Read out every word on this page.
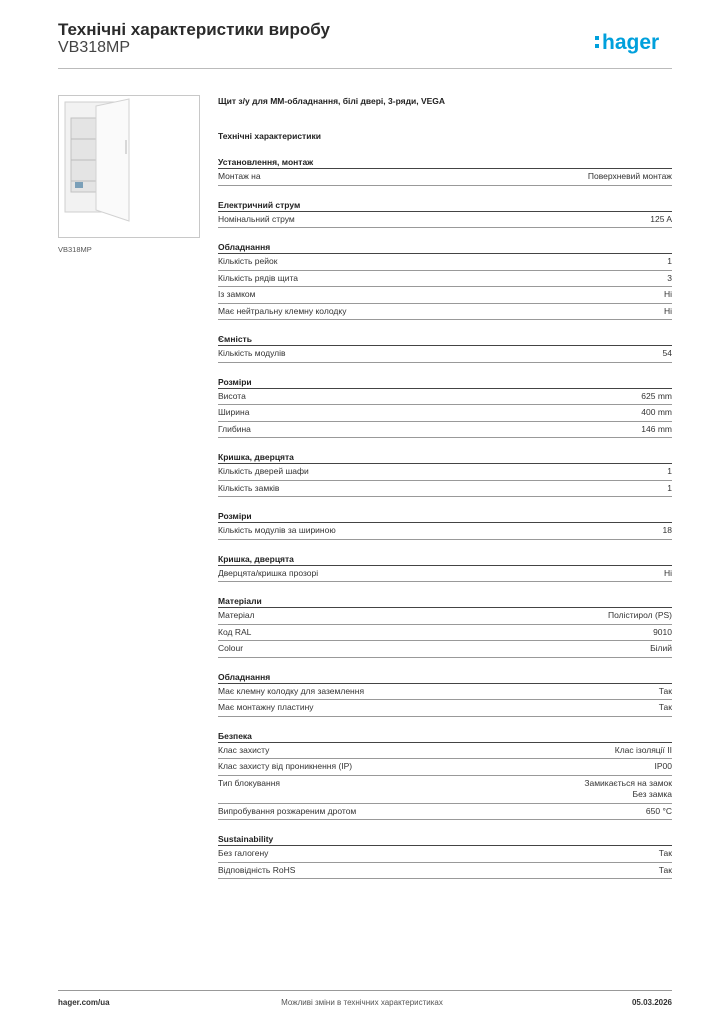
Технічні характеристики виробу
VB318MP	hager
VB318MP
Щит з/у для ММ-обладнання, білі двері, 3-ряди, VEGA
Технічні характеристики
Установлення, монтаж
Монтаж на	Поверхневий монтаж
Електричний струм
Номінальний струм	125 A
Обладнання
Кількість рейок	1
Кількість рядів щита	3
Із замком	Ні
Має нейтральну клемну колодку	Ні
Ємність
Кількість модулів	54
Розміри
Висота	625 mm
Ширина	400 mm
Глибина	146 mm
Кришка, дверцята
Кількість дверей шафи	1
Кількість замків	1
Розміри
Кількість модулів за шириною	18
Кришка, дверцята
Дверцята/кришка прозорі	Ні
Матеріали
Матеріал	Полістирол (PS)
Код RAL	9010
Colour	Білий
Обладнання
Має клемну колодку для заземлення	Так
Має монтажну пластину	Так
Безпека
Клас захисту	Клас ізоляції II
Клас захисту від проникнення (IP)	IP00
Тип блокування	Замикається на замок
Без замка
Випробування розжареним дротом	650 °C
Sustainability
Без галогену	Так
Відповідність RoHS	Так
hager.com/ua	Можливі зміни в технічних характеристиках	05.03.2026
